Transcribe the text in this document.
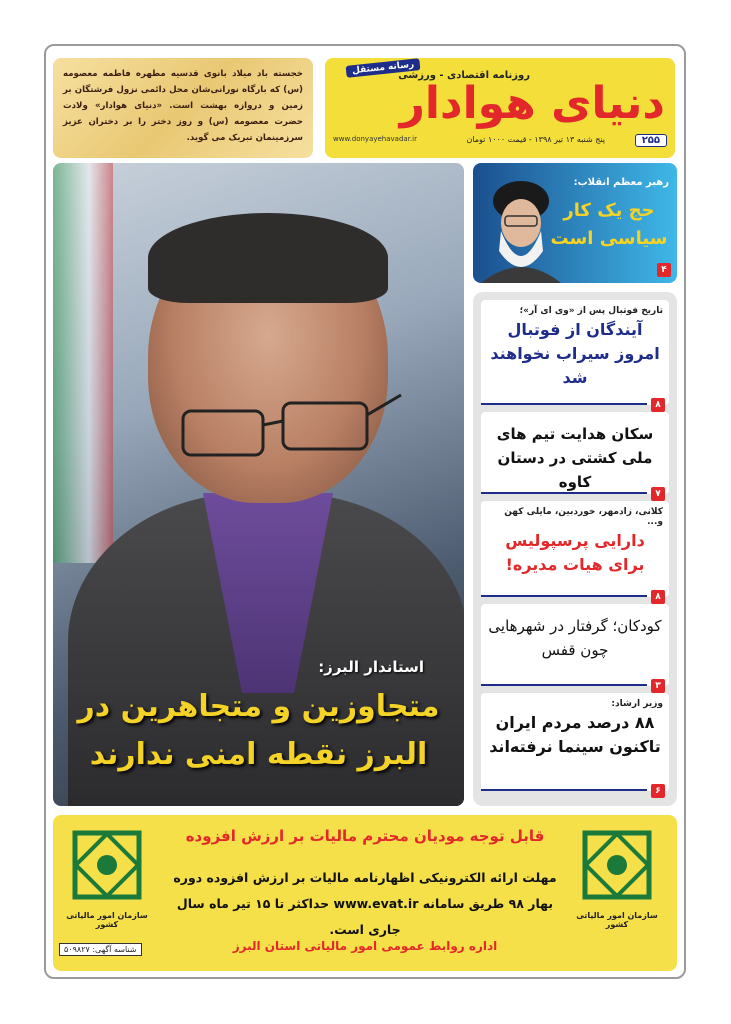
رسانه مستقل
روزنامه اقتصادی - ورزشی
دنیای هوادار
۲۵۵
پنج شنبه ۱۳ تیر ۱۳۹۸ - قیمت ۱۰۰۰ تومان
www.donyayehavadar.ir
خجسته باد میلاد بانوی قدسیه مطهره فاطمه معصومه (س) که بارگاه نورانی‌شان محل دائمی نزول فرشتگان بر زمین و دروازه بهشت است. «دنیای هوادار» ولادت حضرت معصومه (س) و روز دختر را بر دختران عزیز سرزمینمان تبریک می گوید.
استاندار البرز:
متجاوزین و متجاهرین در البرز نقطه امنی ندارند
رهبر معظم انقلاب:
حج یک کار سیاسی است
۴
تاریخ فوتبال پس از «وی ای آر»؛
آیندگان از فوتبال امروز سیراب نخواهند شد
۸
سکان هدایت تیم های ملی کشتی در دستان کاوه
۷
کلانی، زادمهر، خوردبین، مایلی کهن و...
دارایی پرسپولیس برای هیات مدیره!
۸
کودکان؛ گرفتار در شهرهایی چون قفس
۳
وزیر ارشاد:
۸۸ درصد مردم ایران تاکنون سینما نرفته‌اند
۶
سازمان امور مالیاتی کشور
سازمان امور مالیاتی کشور
قابل توجه مودیان محترم مالیات بر ارزش افزوده
مهلت ارائه الکترونیکی اظهارنامه مالیات بر ارزش افزوده دوره بهار ۹۸ طریق سامانه www.evat.ir حداکثر تا ۱۵ تیر ماه سال جاری است.
اداره روابط عمومی امور مالیاتی استان البرز
شناسه آگهی: ۵۰۹۸۲۷
